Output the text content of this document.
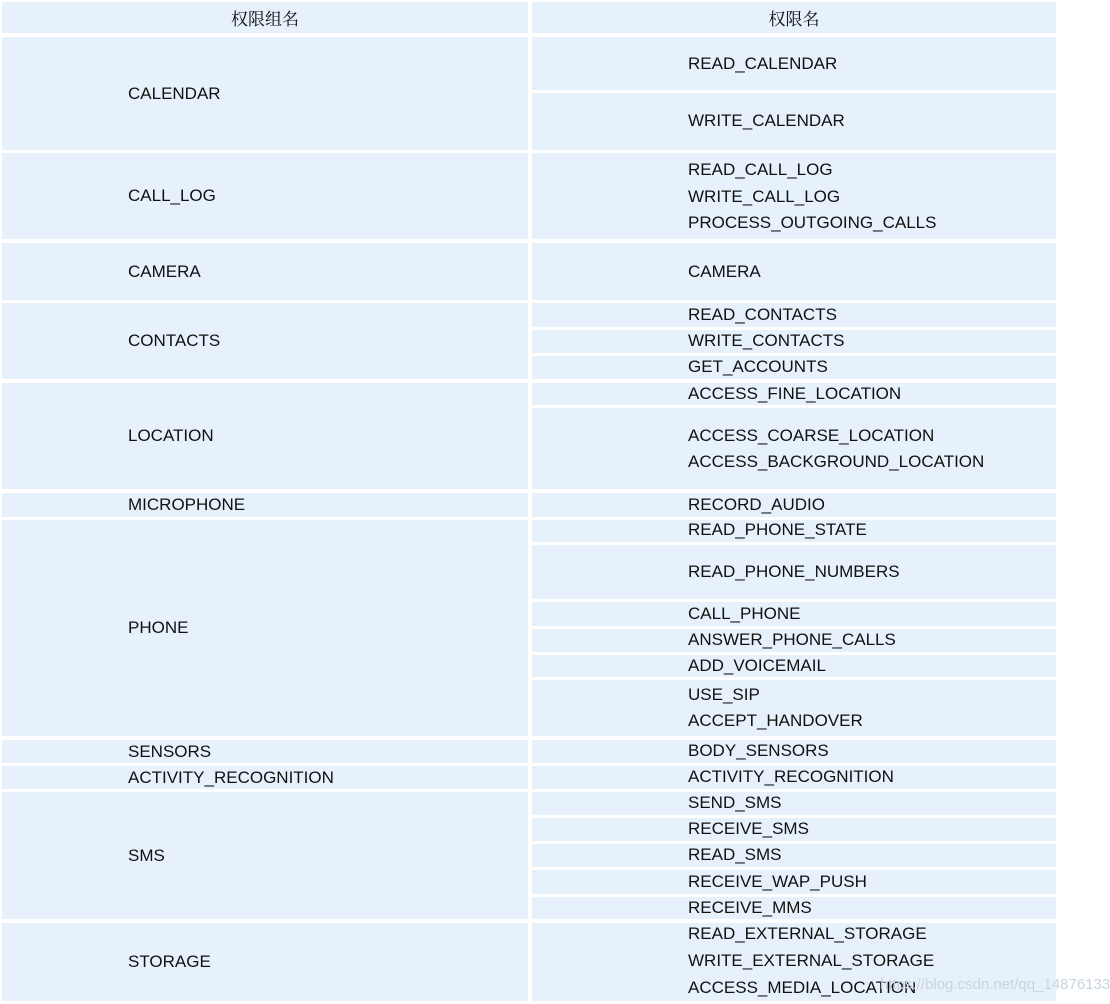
权限组名	权限名
CALENDAR
CALL_LOG
CAMERA
CONTACTS
LOCATION
MICROPHONE
PHONE
SENSORS
ACTIVITY_RECOGNITION
SMS
STORAGE
READ_CALENDAR
WRITE_CALENDAR
READ_CALL_LOG
WRITE_CALL_LOG
PROCESS_OUTGOING_CALLS
CAMERA
READ_CONTACTS
WRITE_CONTACTS
GET_ACCOUNTS
ACCESS_FINE_LOCATION
ACCESS_COARSE_LOCATION
ACCESS_BACKGROUND_LOCATION
RECORD_AUDIO
READ_PHONE_STATE
READ_PHONE_NUMBERS
CALL_PHONE
ANSWER_PHONE_CALLS
ADD_VOICEMAIL
USE_SIP
ACCEPT_HANDOVER
BODY_SENSORS
ACTIVITY_RECOGNITION
SEND_SMS
RECEIVE_SMS
READ_SMS
RECEIVE_WAP_PUSH
RECEIVE_MMS
READ_EXTERNAL_STORAGE
WRITE_EXTERNAL_STORAGE
ACCESS_MEDIA_LOCATION
https://blog.csdn.net/qq_14876133
